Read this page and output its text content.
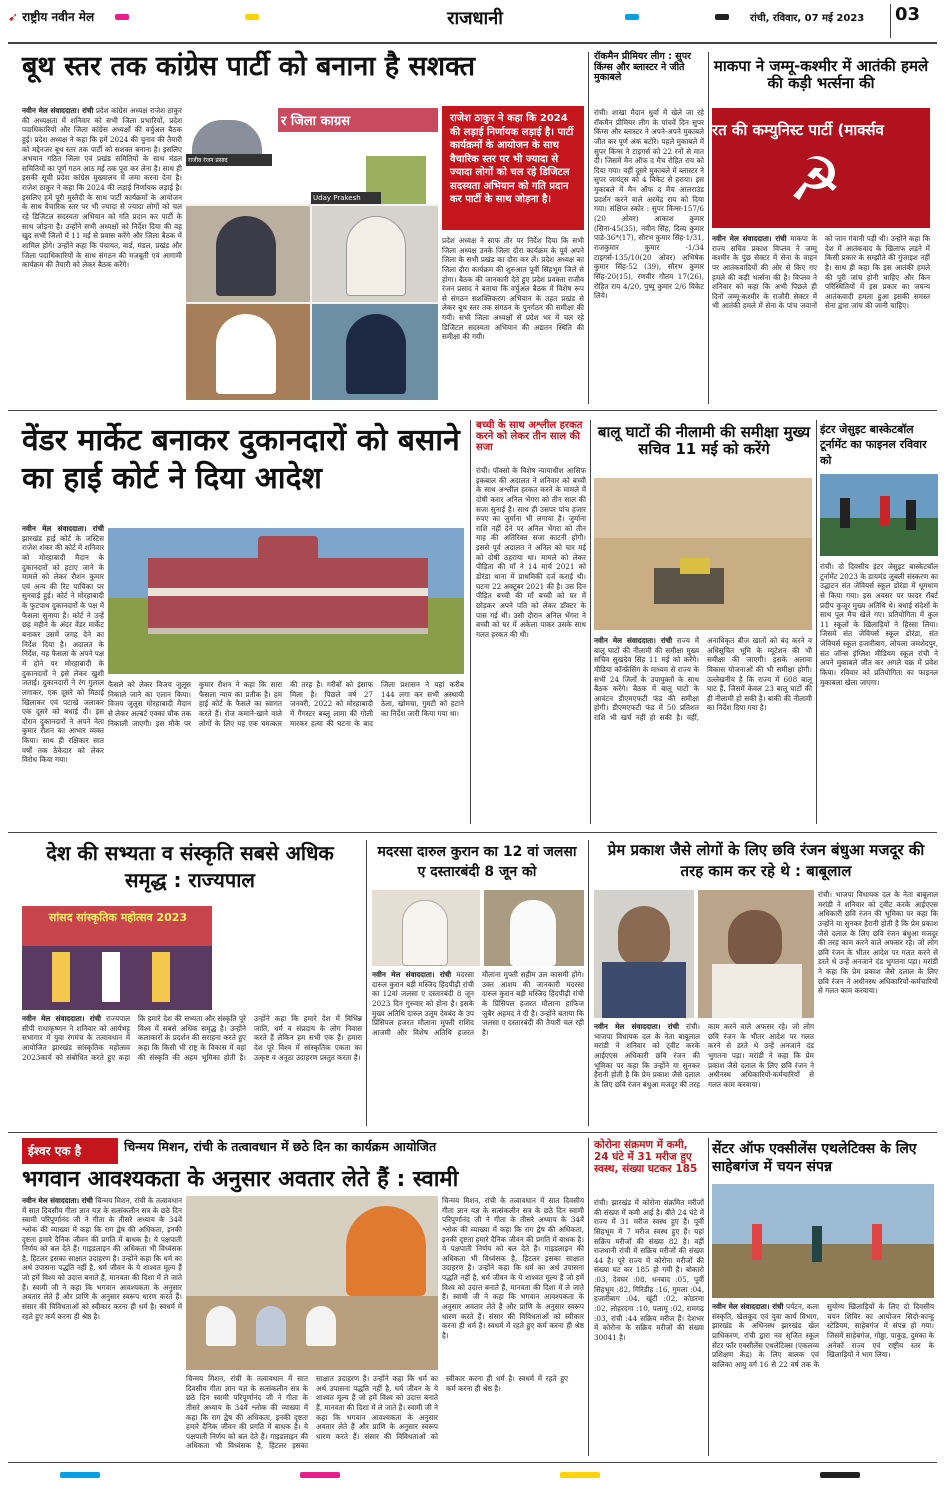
➹ राष्ट्रीय नवीन मेल	राजधानी	रांची, रविवार, 07 मई 2023 03
बूथ स्तर तक कांग्रेस पार्टी को बनाना है सशक्त
नवीन मेल संवाददाता। रांची प्रदेश कांग्रेस अध्यक्ष राजेश ठाकुर की अध्यक्षता में शनिवार को सभी जिला प्रभारियों, प्रदेश पदाधिकारियों और जिला कांग्रेस अध्यक्षों की वर्चुअल बैठक हुई। प्रदेश अध्यक्ष ने कहा कि हमें 2024 की चुनाव की तैयारी को मद्देनजर बूथ स्तर तक पार्टी को सशक्त बनाना है। इसलिए अभयान गठित जिला एवं प्रखंड समितियों के साथ मंडल समितियों का पूर्ण गठन आठ मई तक पूरा कर लेना है। साथ ही इसकी सूची प्रदेश कांग्रेस मुख्यालय में जमा करना देना है। राजेश ठाकुर ने कहा कि 2024 की लड़ाई निर्णायक लड़ाई है। इसलिए हमें पूरी मुस्तैदी के साथ पार्टी कार्यक्रमों के आयोजन के साथ वैचारिक स्तर पर भी ज्यादा से ज्यादा लोगों को चल रहे डिजिटल सदस्यता अभियान को गति प्रदान कर पार्टी के साथ जोड़ना है। उन्होंने सभी अध्यक्षों को निर्देश दिया की वह खुद सभी जिलों में 11 मई से प्रवास करेंगे और जिला बैठक में शामिल होंगे। उन्होंने कहा कि पंचायत, वार्ड, मंडल, प्रखंड और जिला पदाधिकारियों के साथ संगठन की मजबूती एवं आगामी कार्यक्रम की तैयारी को लेकर बैठक करेंगे।
र जिला काग्रस
राजीव रंजन प्रसाद
Uday Prakesh
राजेश ठाकुर ने कहा कि 2024 की लड़ाई निर्णायक लड़ाई है। पार्टी कार्यक्रमों के आयोजन के साथ वैचारिक स्तर पर भी ज्यादा से ज्यादा लोगों को चल रहे डिजिटल सदस्यता अभियान को गति प्रदान कर पार्टी के साथ जोड़ना है।
प्रदेश अध्यक्ष ने साफ तौर पर निर्देश दिया कि सभी जिला अध्यक्ष उनके जिला दौरा कार्यक्रम के पूर्व अपने जिला के सभी प्रखंड का दौरा कर लें। प्रदेश अध्यक्ष का जिला दौरा कार्यक्रम की शुरुआत पूर्वी सिंहभूम जिले से होगा। बैठक की जानकारी देते हुए प्रदेश प्रवक्ता राजीव रंजन प्रसाद ने बताया कि वर्चुअल बैठक में विशेष रूप से संगठन सशक्तिकरण अभियान के तहत प्रखंड से लेकर बूथ स्तर तक संगठन के पुनर्गठन की समीक्षा की गयी। सभी जिला अध्यक्षों से प्रदेश भर में चल रहे डिजिटल सदस्यता अभियान की अद्यतन स्थिति की समीक्षा की गयी।
रॉकमैन प्रीमियर लीग : सुपर किंग्स और ब्लास्टर ने जीते मुकाबले
रांची। शाखा मैदान धुर्वा में खेले जा रहे रॉकमैन प्रीमियर लीग के पांचवें दिन सुपर किंग्स और ब्लास्टर ने अपने-अपने मुकाबले जीत कर पूर्ण अंक बटोरे। पहले मुकाबले में सुपर किंग्स ने टाइगर्स को 22 रनों से मात दी। जिसमें मैन ऑफ द मैच रोहित राय को दिया गया। वहीं दूसरे मुकाबले में ब्लास्टर ने सुपर जायंट्स को 4 विकेट से हराया। इस मुकाबले में मैन ऑफ द मैच आलराउंड प्रदर्शन करने वाले अरमेंद्र राय को दिया गया। संक्षिप्त स्कोर : सुपर किंग्स-157/6 (20 ओवर) आकाश कुमार (सिना-45(35), नवीन सिंह, दिव्य कुमार पाडे-36*(17), सौरभ कुमार सिंह-1/31, राजकुमार कुमार -1/34 टाइगर्स-135/10(20 ओवर) अभिषेक कुमार सिंह-52 (39), सौरभ कुमार सिंह-20(15), रणवीर गौतम 17(26), रोहित राय 4/20, पुष्पू कुमार 2/6 विकेट लिये।
माकपा ने जम्मू-कश्मीर में आतंकी हमले की कड़ी भर्त्सना की
रत की कम्युनिस्ट पार्टी (मार्क्सव
☭
नवीन मेल संवाददाता। रांची माकपा के राज्य सचिव प्रकाश विप्लव ने जम्मू कश्मीर के पुंछ सेक्टर में सेना के वाहन पर आतंकवादियों की ओर से किए गए हमले की कड़ी भर्त्सना की है। विप्लव ने शनिवार को कहा कि अभी पिछले ही दिनों जम्मू-कश्मीर के राजौरी सेक्टर में भी आतंकी हमले में सेना के पांच जवानों को जान गंवानी पड़ी थी। उन्होंने कहा कि देश में आतंकवाद के खिलाफ लड़ने में किसी प्रकार के सम्झौते की गुंजाइश नहीं है। साथ ही कहा कि इस आतंकी हमले की पूरी जांच होनी चाहिए और किन परिस्थितियों में इस प्रकार का जघन्य आतंकवादी हमला हुआ इसकी समस्त सेना द्वारा जांच की जानी चाहिए।
वेंडर मार्केट बनाकर दुकानदारों को बसाने का हाई कोर्ट ने दिया आदेश
नवीन मेल संवाददाता। रांची झारखंड हाई कोर्ट के जस्टिस राजेश शंकर की कोर्ट में शनिवार को मोरहाबादी मैदान के दुकानदारों को हटाए जाने के मामले को लेकर रौशन कुमार एवं अन्य की रिट याचिका पर सुनवाई हुई। कोर्ट ने मोरहाबादी के फुटपाथ दुकानदारों के पक्ष में फैसला सुनाया है। कोर्ट ने उन्हें छह महीने के अंदर वेंडर मार्केट बनाकर उसमें जगह देने का निर्देश दिया है। अदालत के निर्देश, यह फैसला के अपने पक्ष में होने पर मोरहाबादी के दुकानदारों ने इसे लेकर खुशी जताई। दुकानदारों ने रंग गुलाल लगाकर, एक दूसरे को मिठाई खिलाकर एवं पटाखे जलाकर एक दूसरे को बधाई दी। इस दौरान दुकानदारों ने अपने नेता कुमार रौशन का आभार व्यक्त किया। साथ ही रक्षिकार सात वर्षों तक ठेकेदार को लेकर विरोध किया गया।
फैसले को लेकर विजय जुलूस निकाले जाने का एलान किया। विजय जुलूस मोरहाबादी मैदान से लेकर अल्बर्ट एक्का चौक तक निकाली जाएगी। इस मौके पर कुमार रौशन ने कहा कि सारा फैसला न्याय का प्रतीक है। हम हाई कोर्ट के फैसले का स्वागत करते हैं। रोज कमाने-खाने वाले लोगों के लिए यह एक चमत्कार की तरह है। गरीबों को इंसाफ मिला है। पिछले वर्ष 27 जनवरी, 2022 को मोरहाबादी में गैंगस्टर बब्लू लामा की गोली मारकर हत्या की घटना के बाद जिला प्रशासन ने यहां करीब 144 लगा कर सभी अस्थायी ठेला, खोमचा, गुमटी को हटाने का निर्देश जारी किया गया था।
बच्ची के साथ अश्लील हरकत करने को लेकर तीन साल की सजा
रांची। पॉक्सो के विशेष न्यायाधीश आसिफ इकबाल की अदालत ने शनिवार को बच्ची के साथ अश्लील हरकत करने के मामले में दोषी करार अनिल भेंगरा को तीन साल की सजा सुनाई है। साथ ही उसपर पांच हजार रुपए का जुर्माना भी लगाया है। जुर्माना राशि नहीं देने पर अनिल भेंगरा को तीन माह की अतिरिक्त सजा काटनी होगी। इससे पूर्व अदालत ने अनिल को चार मई को दोषी ठहराया था। मामले को लेकर पीड़िता की माँ ने 14 मार्च 2021 को डोरंडा थाना में प्राथमिकी दर्ज कराई थी। घटना 22 अक्टूबर 2021 की है। उस दिन पीड़ित बच्ची की माँ बच्ची को घर में छोड़कर अपने पति को लेकर डॉक्टर के पास गई थी। उसी दौरान अनिल भेंगरा ने बच्ची को घर में अकेला पाकर उसके साथ गलत हरकत की थी।
बालू घाटों की नीलामी की समीक्षा मुख्य सचिव 11 मई को करेंगे
नवीन मेल संवाददाता। रांची राज्य में बालू घाटों की नीलामी की समीक्षा मुख्य सचिव सुखदेव सिंह 11 मई को करेंगे। मीडिया कॉन्फ्रेंसिंग के माध्यम से राज्य के सभी 24 जिलों के उपायुक्तों के साथ बैठक करेंगे। बैठक में बालू घाटों के आवंटन डीएमएफटी फंड की समीक्षा होगी। डीएमएफटी फंड में 50 प्रतिशत राशि भी खर्च नहीं हो सकी है। वहीं, अनाधिकृत बीज खातों को बंद करने व अधिसूचित भूमि के म्यूटेशन की भी समीक्षा की जाएगी। इसके अलावा विकास योजनाओं की भी समीक्षा होगी। उल्लेखनीय है कि राज्य में 608 बालू घाट हैं, जिसमें केवल 23 बालू घाटों की ही नीलामी हो सकी है। बाकी की नीलामी का निर्देश दिया गया है।
इंटर जेसुइट बास्केटबॉल टूर्नामेंट का फाइनल रविवार को
रांची। दो दिवसीय इंटर जेसुइट बास्केटबॉल टूर्नामेंट 2023 के डायमंड जुबली संस्करण का उद्घाटन संत जेवियर्स स्कूल डोरंडा में धूमधाम से किया गया। इस अवसर पर फादर रॉबर्ट प्रदीप कुजूर मुख्य अतिथि थे। बधाई संदेशों के साथ पूल मैच खेले गए। प्रतियोगिता में कुल 11 स्कूलों के खिलाड़ियों ने हिस्सा लिया। जिसमें संत जेवियर्स स्कूल डोरंडा, संत जेवियर्स स्कूल हजारीबाग, लोयला जमशेदपुर, संत जॉन्स इंग्लिश मीडियम स्कूल रांची ने अपने मुकाबले जीत कर अगले चक्र में प्रवेश किया। रविवार को प्रतियोगिता का फाइनल मुकाबला खेला जाएगा।
देश की सभ्यता व संस्कृति सबसे अधिक समृद्ध : राज्यपाल
सांसद सांस्कृतिक महोत्सव 2023
नवीन मेल संवाददाता। रांची राज्यपाल सीपी राधाकृष्णन ने शनिवार को आर्यभट्ट सभागार में युवा रंगमंच के तत्वावधान में आयोजित झारखंड सांस्कृतिक महोत्सव 2023कार्य को संबोधित करते हुए कहा कि हमारे देश की सभ्यता और संस्कृति पूरे विश्व में सबसे अधिक समृद्ध है। उन्होंने कलाकारों के प्रदर्शन की सराहना करते हुए कहा कि किसी भी राष्ट्र के विकास में वहां की संस्कृति की अहम भूमिका होती है। उन्होंने कहा कि हमारे देश में विभिन्न जाति, धर्म व संप्रदाय के लोग निवास करते हैं लेकिन हम सभी एक हैं। हमारा देश पूरे विश्व में सांस्कृतिक एकता का उत्कृष्ट व अनूठा उदाहरण प्रस्तुत करता है।
मदरसा दारुल कुरान का 12 वां जलसा ए दस्तारबंदी 8 जून को
नवीन मेल संवाददाता। रांची मदरसा दारुल कुरान बड़ी मस्जिद हिंदपीढ़ी रांची का 12वां जलसा ए दस्तारबंदी 8 जून 2023 दिन गुरुवार को होना है। इसके मुख्य अतिथि दारुल उलूम देवबंद के उप प्रिंसिपल हजरत मौलाना मुफ्ती राशिद आजमी और विशेष अतिथि हजरत मौलाना मुफ्ती सहीम उल कासमी होंगे। उक्त आशय की जानकारी मदरसा दारुल कुरान बड़ी मस्जिद हिंदपीढ़ी रांची के प्रिंसिपल हजरत मौलाना हाफिज जुबैर अहमद ने दी है। उन्होंने बताया कि जलसा ए दस्तारबंदी की तैयारी चल रही है।
प्रेम प्रकाश जैसे लोगों के लिए छवि रंजन बंधुआ मजदूर की तरह काम कर रहे थे : बाबूलाल
नवीन मेल संवाददाता। रांची रांची। भाजपा विधायक दल के नेता बाबूलाल मरांडी ने शनिवार को ट्वीट करके आईएएस अधिकारी छवि रंजन की भूमिका पर कहा कि उन्होंने या सुनकर हैरानी होती है कि प्रेम प्रकाश जैसे दलाल के लिए छवि रंजन बंधुआ मजदूर की तरह काम करने वाले अफसर रहे। जो लोग छवि रंजन के भीतर आदेश पर गलत करने से डरते थे उन्हें अनजाने दंड भुगतना पड़ा। मरांडी ने कहा कि प्रेम प्रकाश जैसे दलाल के लिए छवि रंजन ने अधीनस्थ अधिकारियों-कर्मचारियों से गलत काम करवाया।
रांची। भाजपा विधायक दल के नेता बाबूलाल मरांडी ने शनिवार को ट्वीट करके आईएएस अधिकारी छवि रंजन की भूमिका पर कहा कि उन्होंने या सुनकर हैरानी होती है कि प्रेम प्रकाश जैसे दलाल के लिए छवि रंजन बंधुआ मजदूर की तरह काम करने वाले अफसर रहे। जो लोग छवि रंजन के भीतर आदेश पर गलत करने से डरते थे उन्हें अनजाने दंड भुगतना पड़ा। मरांडी ने कहा कि प्रेम प्रकाश जैसे दलाल के लिए छवि रंजन ने अधीनस्थ अधिकारियों-कर्मचारियों से गलत काम करवाया।
ईश्वर एक है	चिन्मय मिशन, रांची के तत्वावधान में छठे दिन का कार्यक्रम आयोजित
भगवान आवश्यकता के अनुसार अवतार लेते हैं : स्वामी
नवीन मेल संवाददाता। रांची चिन्मय मिशन, रांची के तत्वावधान में सात दिवसीय गीता ज्ञान यज्ञ के सत्संकलीन सत्र के छठे दिन स्वामी परिपूर्णानंद जी ने गीता के तीसरे अध्याय के 34वें श्लोक की व्याख्या में कहा कि राग द्वेष की अधिकता, इनकी दृष्टता हमारे दैनिक जीवन की प्रगति में बाधक है। ये पक्षपाती निर्णय को बल देते हैं। गाइडलाइन की अधिकता भी विध्वंसक है, हिटलर इसका साक्षात उदाहरण है। उन्होंने कहा कि धर्म का अर्थ उपासना पद्धति नहीं है, धर्म जीवन के ये शाश्वत मूल्य हैं जो हमें विश्व को उदात्त बनाते हैं, मानवता की दिशा में ले जाते हैं। स्वामी जी ने कहा कि भगवान आवश्यकता के अनुसार अवतार लेते हैं और प्राणि के अनुसार स्वरूप धारण करते हैं। संसार की विविधताओं को स्वीकार करना ही धर्म है। स्वधर्म में रहते हुए कर्म करना ही श्रेष्ठ है।
चिन्मय मिशन, रांची के तत्वावधान में सात दिवसीय गीता ज्ञान यज्ञ के सत्संकलीन सत्र के छठे दिन स्वामी परिपूर्णानंद जी ने गीता के तीसरे अध्याय के 34वें श्लोक की व्याख्या में कहा कि राग द्वेष की अधिकता, इनकी दृष्टता हमारे दैनिक जीवन की प्रगति में बाधक है। ये पक्षपाती निर्णय को बल देते हैं। गाइडलाइन की अधिकता भी विध्वंसक है, हिटलर इसका साक्षात उदाहरण है। उन्होंने कहा कि धर्म का अर्थ उपासना पद्धति नहीं है, धर्म जीवन के ये शाश्वत मूल्य हैं जो हमें विश्व को उदात्त बनाते हैं, मानवता की दिशा में ले जाते हैं। स्वामी जी ने कहा कि भगवान आवश्यकता के अनुसार अवतार लेते हैं और प्राणि के अनुसार स्वरूप धारण करते हैं। संसार की विविधताओं को स्वीकार करना ही धर्म है। स्वधर्म में रहते हुए कर्म करना ही श्रेष्ठ है।
चिन्मय मिशन, रांची के तत्वावधान में सात दिवसीय गीता ज्ञान यज्ञ के सत्संकलीन सत्र के छठे दिन स्वामी परिपूर्णानंद जी ने गीता के तीसरे अध्याय के 34वें श्लोक की व्याख्या में कहा कि राग द्वेष की अधिकता, इनकी दृष्टता हमारे दैनिक जीवन की प्रगति में बाधक है। ये पक्षपाती निर्णय को बल देते हैं। गाइडलाइन की अधिकता भी विध्वंसक है, हिटलर इसका साक्षात उदाहरण है। उन्होंने कहा कि धर्म का अर्थ उपासना पद्धति नहीं है, धर्म जीवन के ये शाश्वत मूल्य हैं जो हमें विश्व को उदात्त बनाते हैं, मानवता की दिशा में ले जाते हैं। स्वामी जी ने कहा कि भगवान आवश्यकता के अनुसार अवतार लेते हैं और प्राणि के अनुसार स्वरूप धारण करते हैं। संसार की विविधताओं को स्वीकार करना ही धर्म है। स्वधर्म में रहते हुए कर्म करना ही श्रेष्ठ है।
कोरोना संक्रमण में कमी, 24 घंटे में 31 मरीज हुए स्वस्थ, संख्या घटकर 185
रांची। झारखंड में कोरोना संक्रमित मरीजों की संख्या में कमी आई है। बीते 24 घंटे में राज्य में 31 मरीज स्वस्थ हुए हैं। पूर्वी सिंहभूम में 7 मरीज स्वस्थ हुए हैं। यहां सक्रिय मरीजों की संख्या 82 है। वहीं राजधानी रांची में सक्रिय मरीजों की संख्या 44 है। पूरे राज्य में कोरोना मरीजों की संख्या घट कर 185 हो गयी है। बोकारो :03, देवघर :08, धनबाद :05, पूर्वी सिंहभूम :82, गिरिडीह :16, गुमला :04, हजारीबाग :04, खूंटी :02, कोडरमा :02, लोहरदगा :10, पलामू :02, रामगढ़ :03, रांची :44 सक्रिय मरीज हैं। देशभर में कोरोना के सक्रिय मरीजों की संख्या 30041 है।
सेंटर ऑफ एक्सीलेंस एथलेटिक्स के लिए साहेबगंज में चयन संपन्न
नवीन मेल संवाददाता। रांची पर्यटन, कला संस्कृति, खेलकूद एवं युवा कार्य विभाग, झारखंड के अधिनस्थ झारखंड खेल प्राधिकरण, रांची द्वारा नव सृजित स्कूल सेंटर फॉर एक्सीलेंस एथलेटिक्स (एकलव्य प्रशिक्षण केंद्र) के लिए बालक एवं बालिका आयु वर्ग 16 से 22 वर्ष तक के सुयोग्य खिलाड़ियों के लिए दो दिवसीय चयन शिविर का आयोजन सिदो-कान्हु स्टेडियम, साहेबगंज में संपन्न हो गया। जिसमें साहेबगंज, गोड्डा, पाकुड़, दुमका के अनेकों राज्य एवं राष्ट्रीय स्तर के खिलाड़ियों ने भाग लिया।
